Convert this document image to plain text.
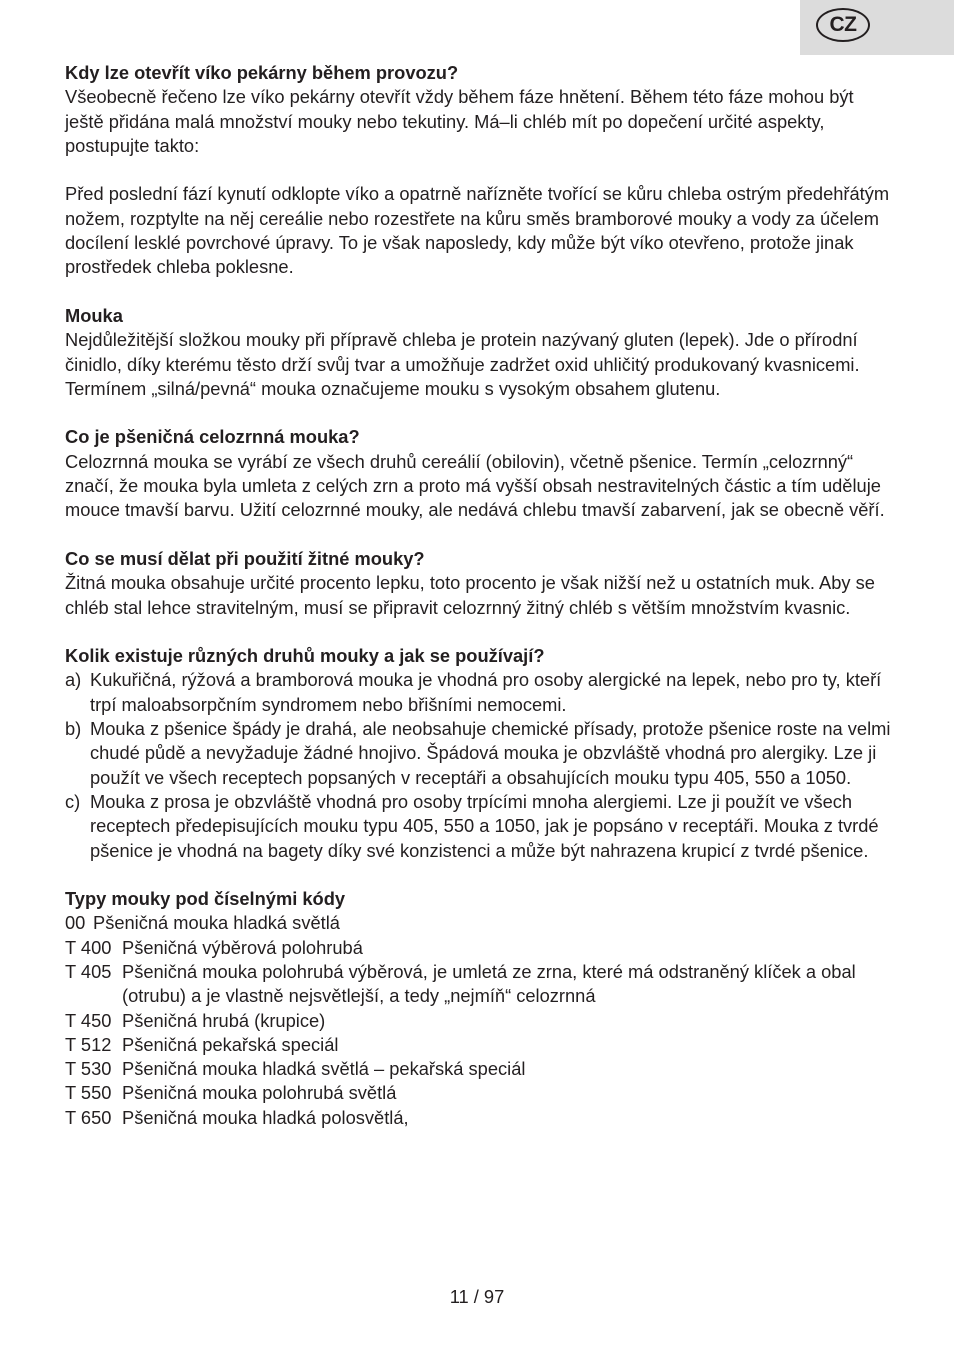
CZ
Kdy lze otevřít víko pekárny během provozu?

Všeobecně řečeno lze víko pekárny otevřít vždy během fáze hnětení. Během této fáze mohou být ještě přidána malá množství mouky nebo tekutiny. Má–li chléb mít po dopečení určité aspekty, postupujte takto:

Před poslední fází kynutí odklopte víko a opatrně nařízněte tvořící se kůru chleba ostrým předehřátým nožem, rozptylte na něj cereálie nebo rozestřete na kůru směs bramborové mouky a vody za účelem docílení lesklé povrchové úpravy. To je však naposledy, kdy může být víko otevřeno, protože jinak prostředek chleba poklesne.

Mouka

Nejdůležitější složkou mouky při přípravě chleba je protein nazývaný gluten (lepek). Jde o přírodní činidlo, díky kterému těsto drží svůj tvar a umožňuje zadržet oxid uhličitý produkovaný kvasnicemi. Termínem „silná/pevná“ mouka označujeme mouku s vysokým obsahem glutenu.

Co je pšeničná celozrnná mouka?

Celozrnná mouka se vyrábí ze všech druhů cereálií (obilovin), včetně pšenice. Termín „celozrnný“ značí, že mouka byla umleta z celých zrn a proto má vyšší obsah nestravitelných částic a tím uděluje mouce tmavší barvu. Užití celozrnné mouky, ale nedává chlebu tmavší zabarvení, jak se obecně věří.

Co se musí dělat při použití žitné mouky?

Žitná mouka obsahuje určité procento lepku, toto procento je však nižší než u ostatních muk. Aby se chléb stal lehce stravitelným, musí se připravit celozrnný žitný chléb s větším množstvím kvasnic.

Kolik existuje různých druhů mouky a jak se používají?
a) Kukuřičná, rýžová a bramborová mouka je vhodná pro osoby alergické na lepek, nebo pro ty, kteří trpí maloabsorpčním syndromem nebo břišními nemocemi.
b) Mouka z pšenice špády je drahá, ale neobsahuje chemické přísady, protože pšenice roste na velmi chudé půdě a nevyžaduje žádné hnojivo. Špádová mouka je obzvláště vhodná pro alergiky. Lze ji použít ve všech receptech popsaných v receptáři a obsahujících mouku typu 405, 550 a 1050.
c) Mouka z prosa je obzvláště vhodná pro osoby trpícími mnoha alergiemi. Lze ji použít ve všech receptech předepisujících mouku typu 405, 550 a 1050, jak je popsáno v receptáři. Mouka z tvrdé pšenice je vhodná na bagety díky své konzistenci a může být nahrazena krupicí z tvrdé pšenice.
Typy mouky pod číselnými kódy
00 Pšeničná mouka hladká světlá
T 400 Pšeničná výběrová polohrubá
T 405 Pšeničná mouka polohrubá výběrová, je umletá ze zrna, které má odstraněný klíček a obal (otrubu) a je vlastně nejsvětlejší, a tedy „nejmíň“ celozrnná
T 450 Pšeničná hrubá (krupice)
T 512 Pšeničná pekařská speciál
T 530 Pšeničná mouka hladká světlá – pekařská speciál
T 550 Pšeničná mouka polohrubá světlá
T 650 Pšeničná mouka hladká polosvětlá,
11 / 97
